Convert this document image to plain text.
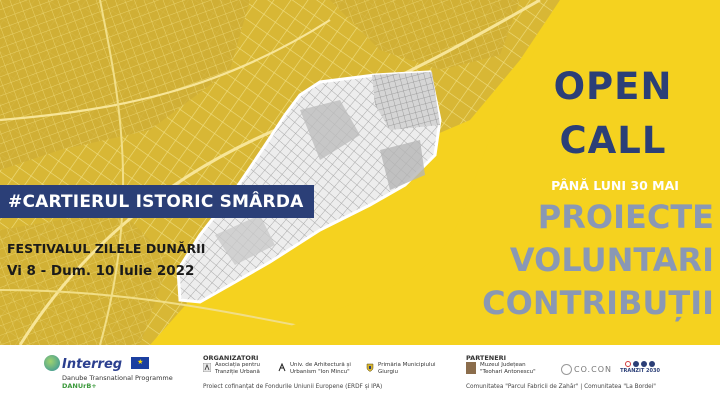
#CARTIERUL ISTORIC SMÂRDA
FESTIVALUL ZILELE DUNĂRII
Vi 8 - Dum. 10 Iulie 2022
OPEN
CALL
PÂNĂ LUNI 30 MAI
PROIECTE
VOLUNTARI
CONTRIBUȚII
Interreg ★
Danube Transnational Programme
DANUrB+
ORGANIZATORI
Asociația pentru
Tranziție Urbană
Univ. de Arhitectură și
Urbanism "Ion Mincu"
Primăria Municipiului
Giurgiu
Proiect cofinanțat de Fondurile Uniunii Europene (ERDF și IPA)
PARTENERI
Muzeul Județean
"Teohari Antonescu"	CO.CON TRANZIT 2030
Comunitatea "Parcul Fabricii de Zahăr" | Comunitatea "La Bordei"
